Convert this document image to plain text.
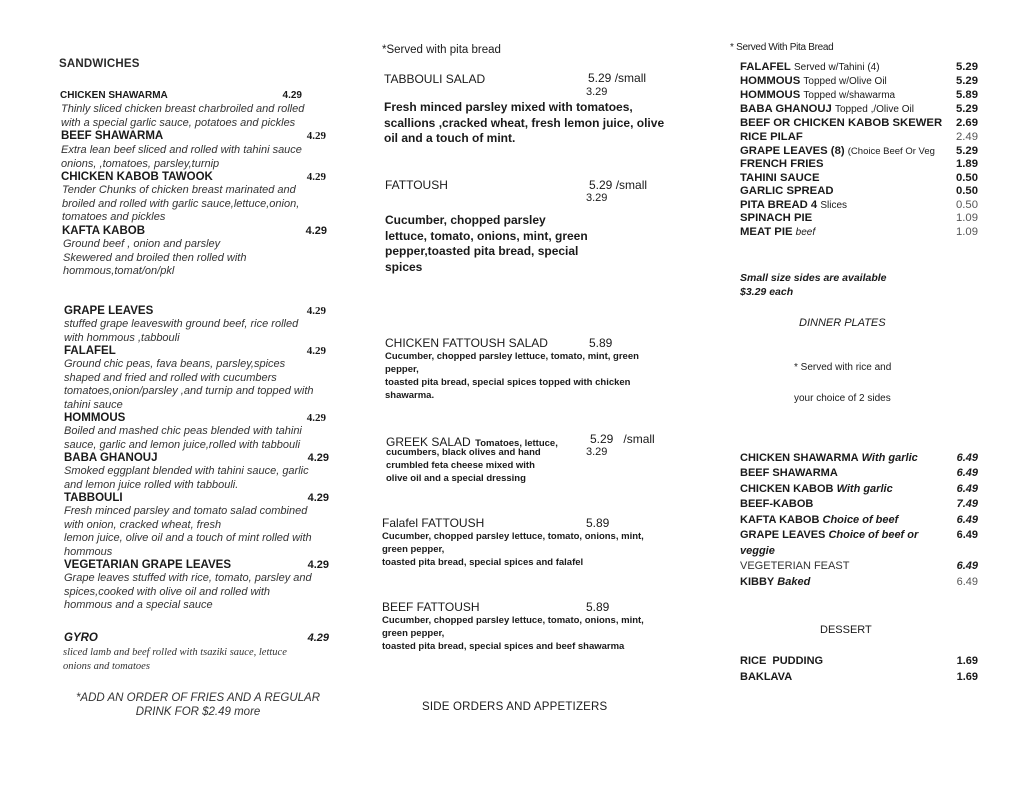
SANDWICHES
CHICKEN SHAWARMA	4.29
Thinly sliced chicken breast charbroiled and rolled
with a special garlic sauce, potatoes and pickles
BEEF SHAWARMA	4.29
Extra lean beef sliced and rolled with tahini sauce
onions, ,tomatoes, parsley,turnip
CHICKEN KABOB TAWOOK	4.29
Tender Chunks of chicken breast marinated and
broiled and rolled with garlic sauce,lettuce,onion,
tomatoes and pickles
KAFTA KABOB	4.29
Ground beef , onion and parsley
Skewered and broiled then rolled with
hommous,tomat/on/pkl
GRAPE LEAVES	4.29
stuffed grape leaveswith ground beef, rice rolled
with hommous ,tabbouli
FALAFEL	4.29
Ground chic peas, fava beans, parsley,spices
shaped and fried and rolled with cucumbers
tomatoes,onion/parsley ,and turnip and topped with
tahini sauce
HOMMOUS	4.29
Boiled and mashed chic peas blended with tahini
sauce, garlic and lemon juice,rolled with tabbouli
BABA GHANOUJ	4.29
Smoked eggplant blended with tahini sauce, garlic
and lemon juice rolled with tabbouli.
TABBOULI	4.29
Fresh minced parsley and tomato salad combined
with onion, cracked wheat, fresh
lemon juice, olive oil and a touch of mint rolled with
hommous
VEGETARIAN GRAPE LEAVES	4.29
Grape leaves stuffed with rice, tomato, parsley and
spices,cooked with olive oil and rolled with
hommous and a special sauce
GYRO	4.29
sliced lamb and beef rolled with tsaziki sauce, lettuce
onions and tomatoes
*ADD AN ORDER OF FRIES AND A REGULAR
DRINK FOR $2.49 more
*Served with pita bread
TABBOULI SALAD	5.29 /small
3.29
Fresh minced parsley mixed with tomatoes,
scallions ,cracked wheat, fresh lemon juice, olive
oil and a touch of mint.
FATTOUSH	5.29 /small
3.29
Cucumber, chopped parsley
lettuce, tomato, onions, mint, green
pepper,toasted pita bread, special
spices
CHICKEN FATTOUSH SALAD	5.89
Cucumber, chopped parsley lettuce, tomato, mint, green
pepper,
toasted pita bread, special spices topped with chicken
shawarma.
GREEK SALAD Tomatoes, lettuce,	5.29   /small
3.29
cucumbers, black olives and hand
crumbled feta cheese mixed with
olive oil and a special dressing
Falafel FATTOUSH	5.89
Cucumber, chopped parsley lettuce, tomato, onions, mint,
green pepper,
toasted pita bread, special spices and falafel
BEEF FATTOUSH	5.89
Cucumber, chopped parsley lettuce, tomato, onions, mint,
green pepper,
toasted pita bread, special spices and beef shawarma
SIDE ORDERS AND APPETIZERS
* Served With Pita Bread
FALAFEL Served w/Tahini (4)	5.29
HOMMOUS Topped w/Olive Oil	5.29
HOMMOUS Topped w/shawarma	5.89
BABA GHANOUJ Topped ,/Olive Oil	5.29
BEEF OR CHICKEN KABOB SKEWER 2.69
RICE PILAF	2.49
GRAPE LEAVES (8) (Choice Beef Or Veg 5.29
FRENCH FRIES	1.89
TAHINI SAUCE	0.50
GARLIC SPREAD	0.50
PITA BREAD 4 Slices	0.50
SPINACH PIE	1.09
MEAT PIE beef	1.09
Small size sides are available
$3.29 each
DINNER PLATES
* Served with rice and
your choice of 2 sides
CHICKEN SHAWARMA With garlic	6.49
BEEF SHAWARMA	6.49
CHICKEN KABOB With garlic	6.49
BEEF-KABOB	7.49
KAFTA KABOB Choice of beef	6.49
GRAPE LEAVES Choice of beef or	6.49
veggie
VEGETERIAN FEAST	6.49
KIBBY Baked	6.49
DESSERT
RICE  PUDDING	1.69
BAKLAVA	1.69
